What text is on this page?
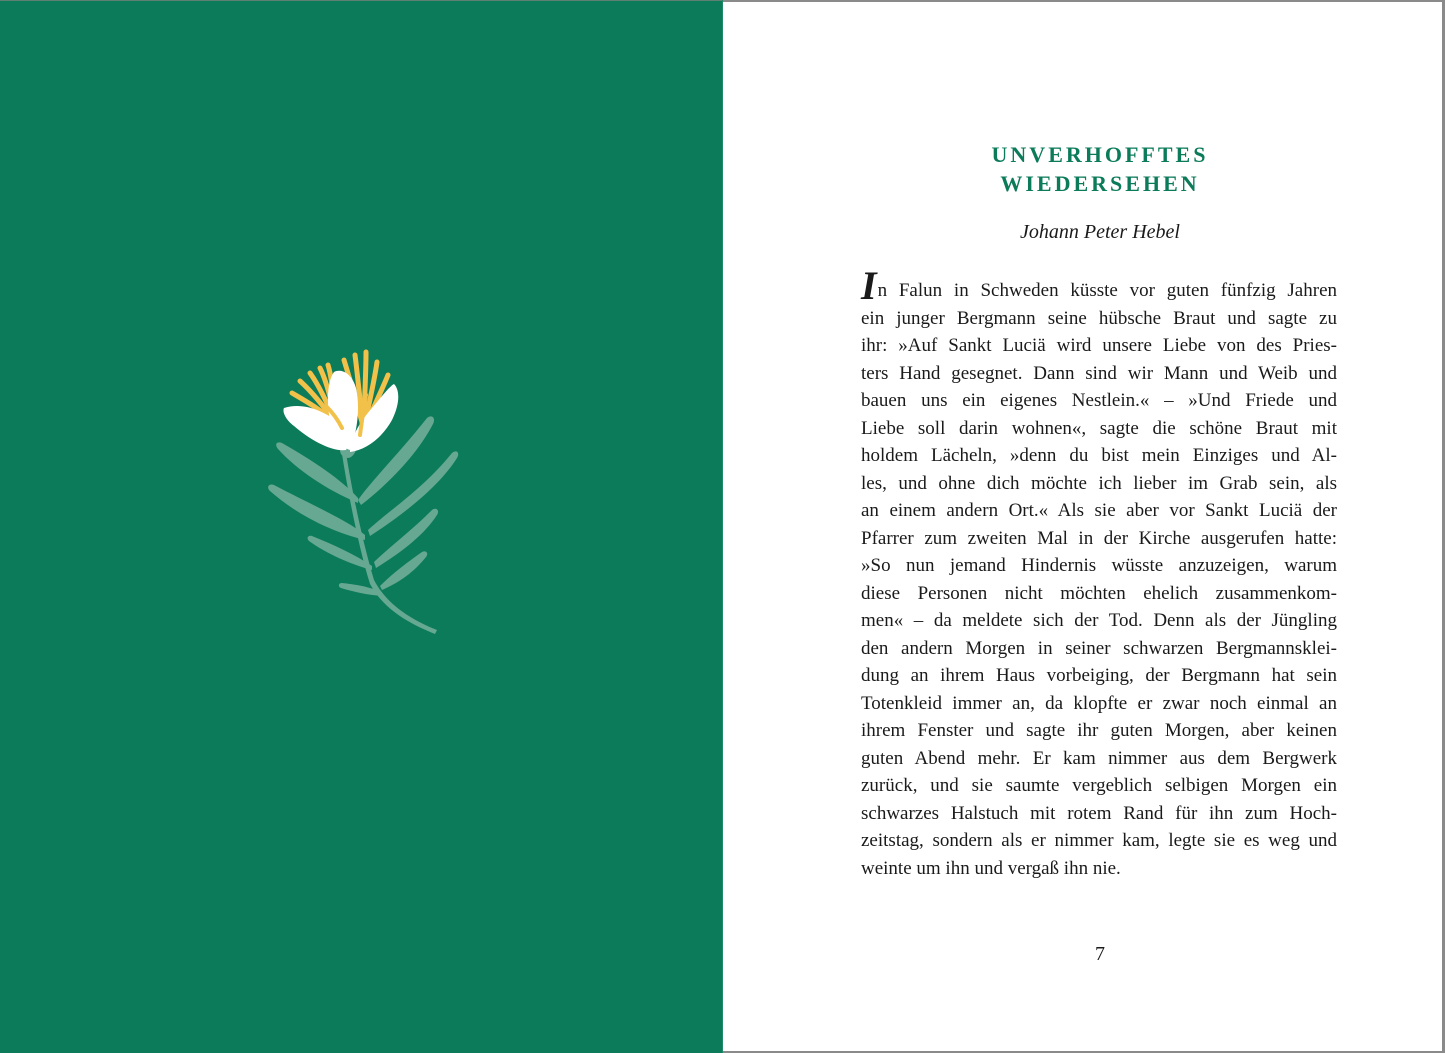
UNVERHOFFTES
WIEDERSEHEN
Johann Peter Hebel
In Falun in Schweden küsste vor guten fünfzig Jahren
ein junger Bergmann seine hübsche Braut und sagte zu
ihr: »Auf Sankt Luciä wird unsere Liebe von des Pries-
ters Hand gesegnet. Dann sind wir Mann und Weib und
bauen uns ein eigenes Nestlein.« – »Und Friede und
Liebe soll darin wohnen«, sagte die schöne Braut mit
holdem Lächeln, »denn du bist mein Einziges und Al-
les, und ohne dich möchte ich lieber im Grab sein, als
an einem andern Ort.« Als sie aber vor Sankt Luciä der
Pfarrer zum zweiten Mal in der Kirche ausgerufen hatte:
»So nun jemand Hindernis wüsste anzuzeigen, warum
diese Personen nicht möchten ehelich zusammenkom-
men« – da meldete sich der Tod. Denn als der Jüngling
den andern Morgen in seiner schwarzen Bergmannsklei-
dung an ihrem Haus vorbeiging, der Bergmann hat sein
Totenkleid immer an, da klopfte er zwar noch einmal an
ihrem Fenster und sagte ihr guten Morgen, aber keinen
guten Abend mehr. Er kam nimmer aus dem Bergwerk
zurück, und sie saumte vergeblich selbigen Morgen ein
schwarzes Halstuch mit rotem Rand für ihn zum Hoch-
zeitstag, sondern als er nimmer kam, legte sie es weg und
weinte um ihn und vergaß ihn nie.
7
